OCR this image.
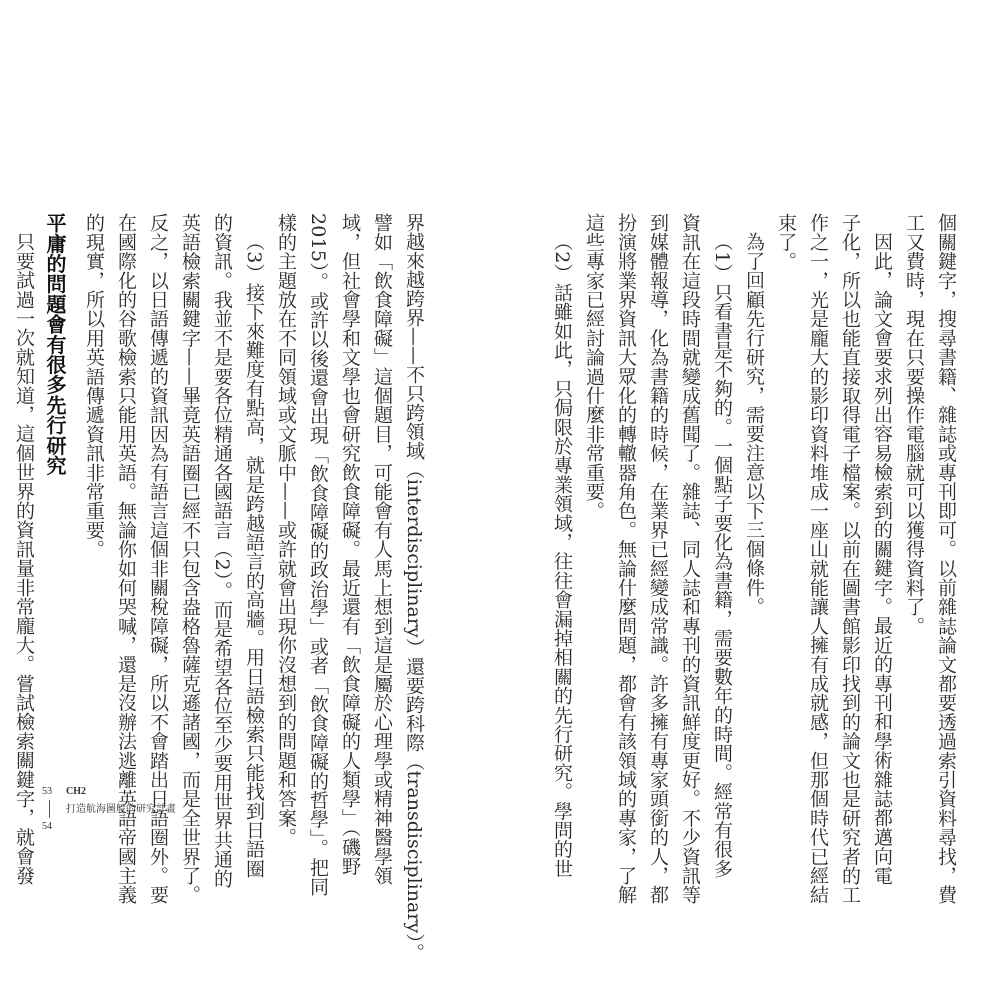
個關鍵字，搜尋書籍、雜誌或專刊即可。以前雜誌論文都要透過索引資料尋找，費
工又費時，現在只要操作電腦就可以獲得資料了。
因此，論文會要求列出容易檢索到的關鍵字。最近的專刊和學術雜誌都邁向電
子化，所以也能直接取得電子檔案。以前在圖書館影印找到的論文也是研究者的工
作之一，光是龐大的影印資料堆成一座山就能讓人擁有成就感，但那個時代已經結
束了。
為了回顧先行研究，需要注意以下三個條件。
（1）只看書是不夠的。一個點子要化為書籍，需要數年的時間。經常有很多
資訊在這段時間就變成舊聞了。雜誌、同人誌和專刊的資訊鮮度更好。不少資訊等
到媒體報導，化為書籍的時候，在業界已經變成常識。許多擁有專家頭銜的人，都
扮演將業界資訊大眾化的轉轍器角色。無論什麼問題，都會有該領域的專家，了解
這些專家已經討論過什麼非常重要。
（2）話雖如此，只侷限於專業領域，往往會漏掉相關的先行研究。學問的世
界越來越跨界——不只跨領域（interdisciplinary）還要跨科際（transdisciplinary）。
譬如「飲食障礙」這個題目，可能會有人馬上想到這是屬於心理學或精神醫學領
域，但社會學和文學也會研究飲食障礙。最近還有「飲食障礙的人類學」（磯野
2015）。或許以後還會出現「飲食障礙的政治學」或者「飲食障礙的哲學」。把同
樣的主題放在不同領域或文脈中——或許就會出現你沒想到的問題和答案。
（3）接下來難度有點高，就是跨越語言的高牆。用日語檢索只能找到日語圈
的資訊。我並不是要各位精通各國語言（2）。而是希望各位至少要用世界共通的
英語檢索關鍵字——畢竟英語圈已經不只包含盎格魯薩克遜諸國，而是全世界了。
反之，以日語傳遞的資訊因為有語言這個非關稅障礙，所以不會踏出日語圈外。要
在國際化的谷歌檢索只能用英語。無論你如何哭喊，還是沒辦法逃離英語帝國主義
的現實，所以用英語傳遞資訊非常重要。
平庸的問題會有很多先行研究
只要試過一次就知道，這個世界的資訊量非常龐大。嘗試檢索關鍵字，就會發 53 CH2
打造航海圖般的研究計畫
54
